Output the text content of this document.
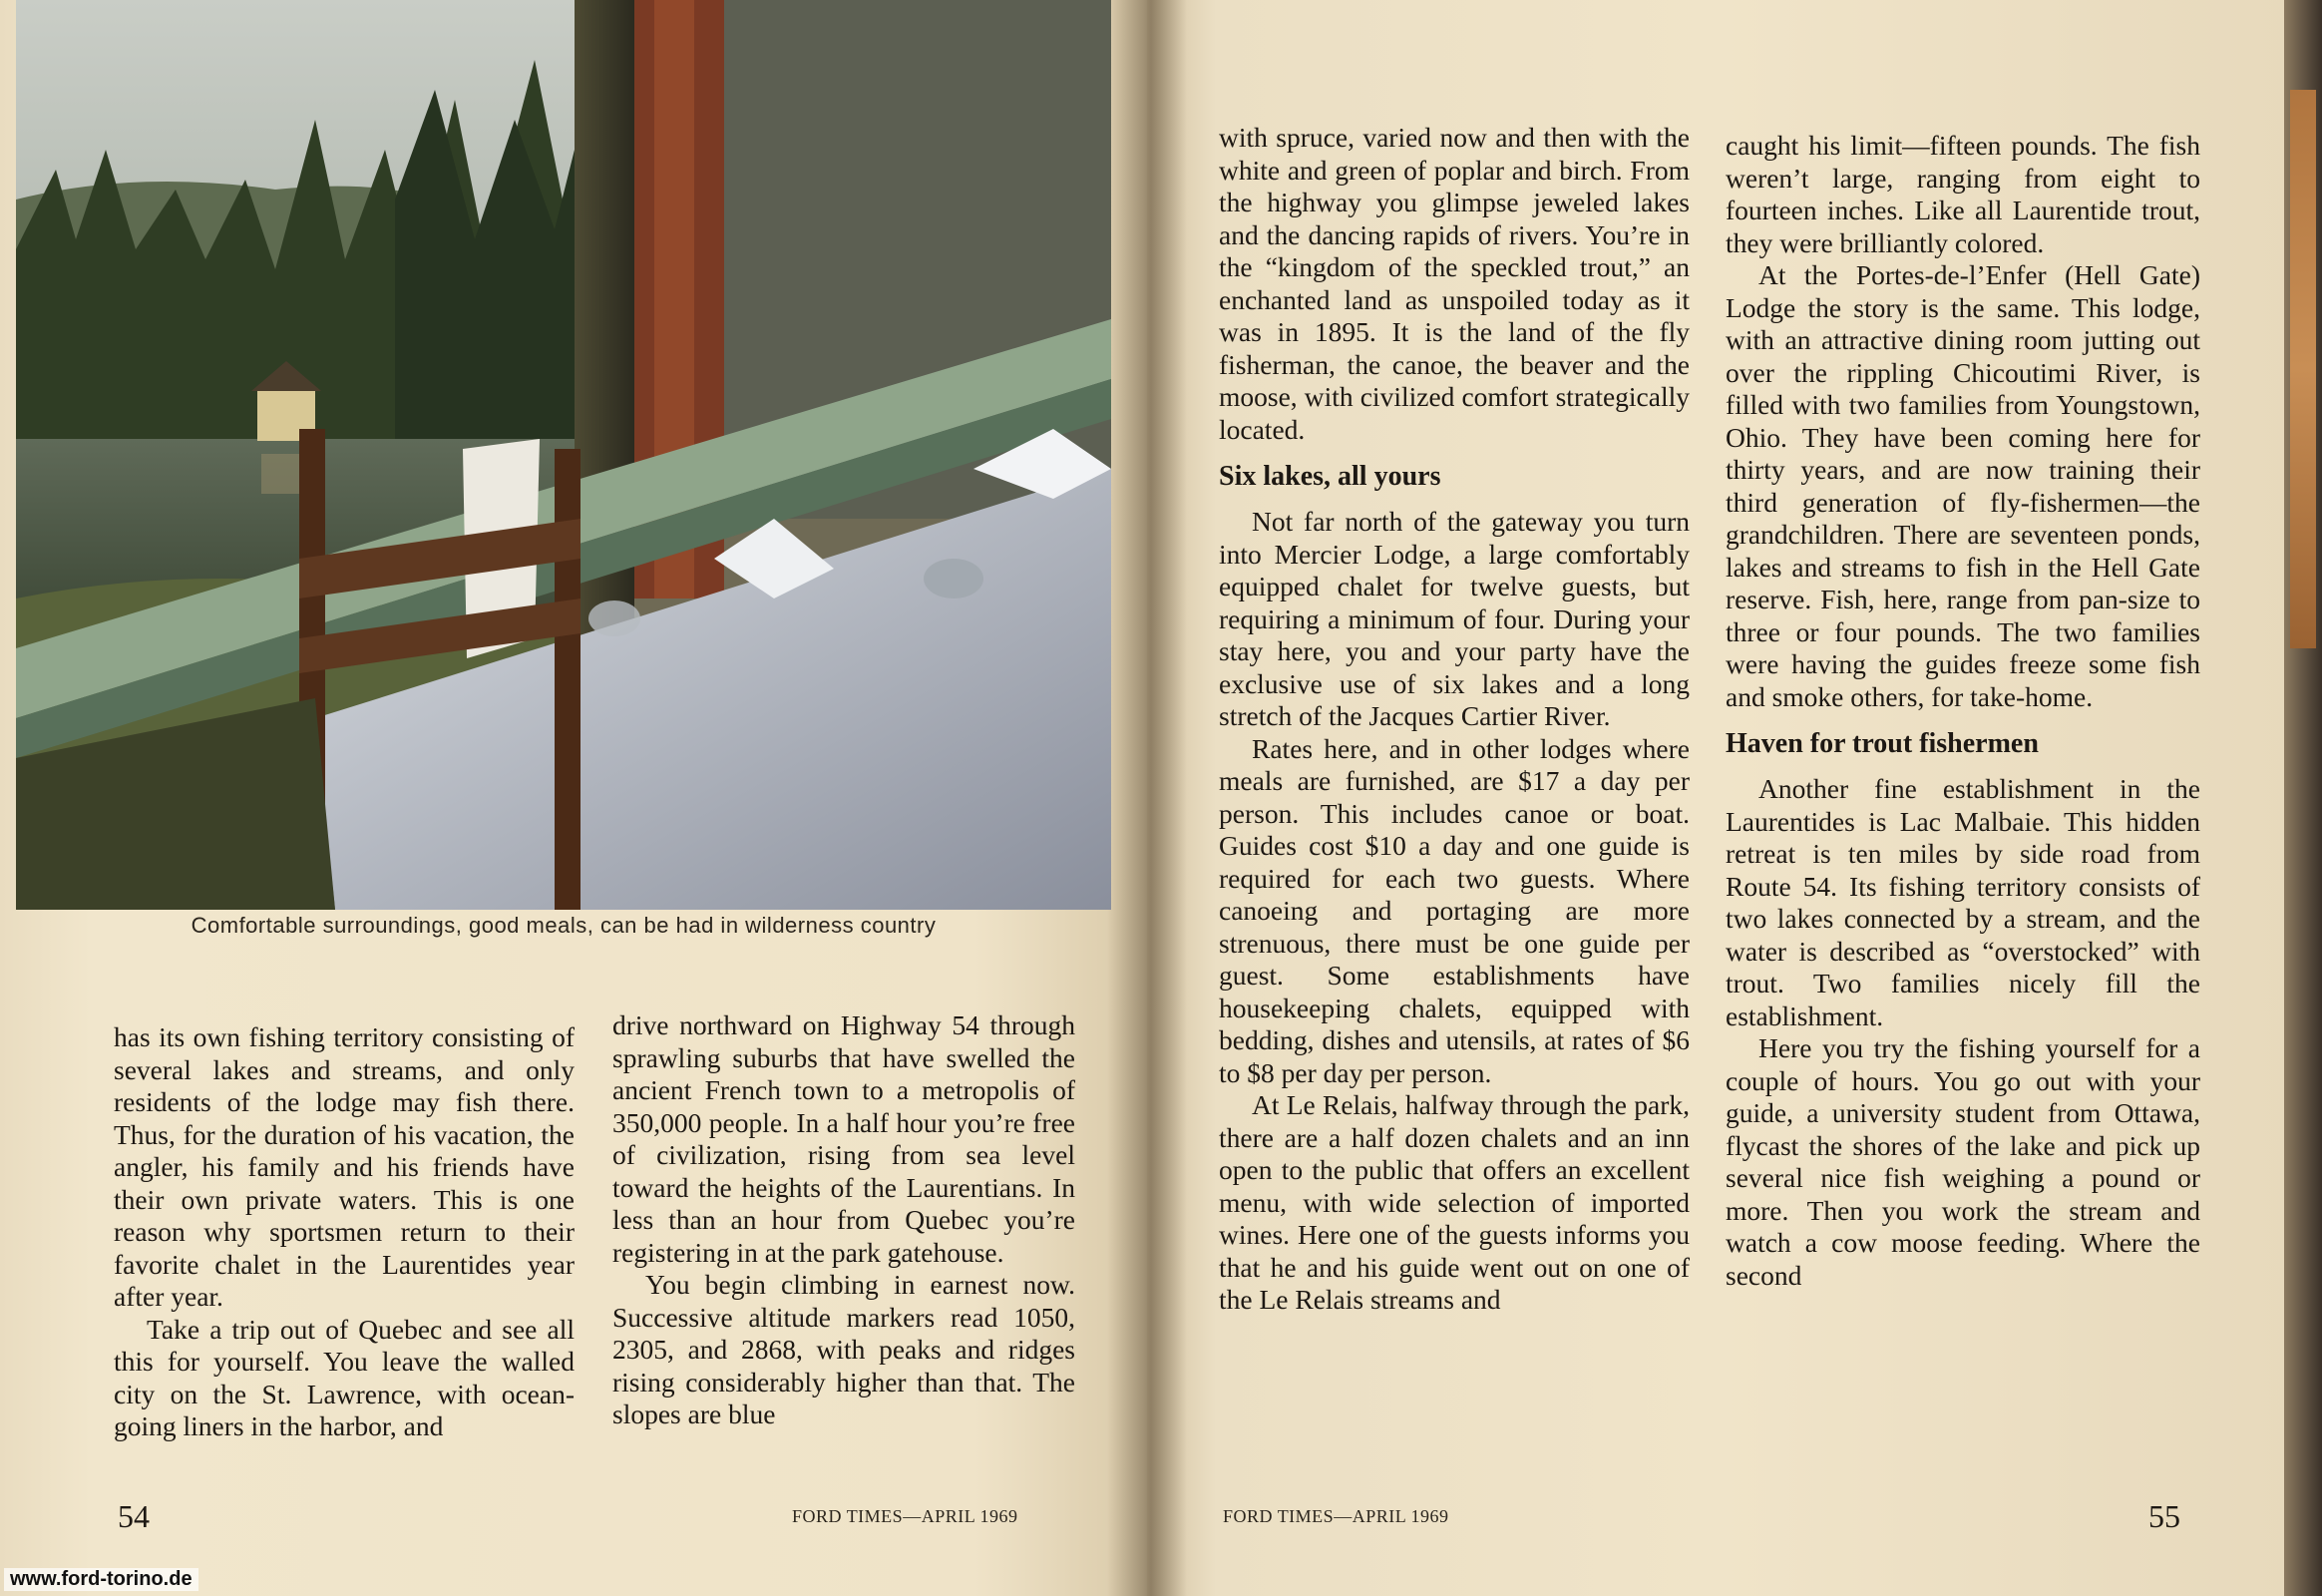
Comfortable surroundings, good meals, can be had in wilderness country

has its own fishing territory consisting of several lakes and streams, and only residents of the lodge may fish there. Thus, for the duration of his vacation, the angler, his family and his friends have their own private waters. This is one reason why sportsmen return to their favorite chalet in the Laurentides year after year.

Take a trip out of Quebec and see all this for yourself. You leave the walled city on the St. Lawrence, with ocean-going liners in the harbor, and

drive northward on Highway 54 through sprawling suburbs that have swelled the ancient French town to a metropolis of 350,000 people. In a half hour you’re free of civilization, rising from sea level toward the heights of the Laurentians. In less than an hour from Quebec you’re registering in at the park gatehouse.

You begin climbing in earnest now. Successive altitude markers read 1050, 2305, and 2868, with peaks and ridges rising considerably higher than that. The slopes are blue

54	FORD TIMES—APRIL 1969

with spruce, varied now and then with the white and green of poplar and birch. From the highway you glimpse jeweled lakes and the dancing rapids of rivers. You’re in the “kingdom of the speckled trout,” an enchanted land as unspoiled today as it was in 1895. It is the land of the fly fisherman, the canoe, the beaver and the moose, with civilized comfort strategically located.

Six lakes, all yours

Not far north of the gateway you turn into Mercier Lodge, a large comfortably equipped chalet for twelve guests, but requiring a minimum of four. During your stay here, you and your party have the exclusive use of six lakes and a long stretch of the Jacques Cartier River.

Rates here, and in other lodges where meals are furnished, are $17 a day per person. This includes canoe or boat. Guides cost $10 a day and one guide is required for each two guests. Where canoeing and portaging are more strenuous, there must be one guide per guest. Some establishments have housekeeping chalets, equipped with bedding, dishes and utensils, at rates of $6 to $8 per day per person.

At Le Relais, halfway through the park, there are a half dozen chalets and an inn open to the public that offers an excellent menu, with wide selection of imported wines. Here one of the guests informs you that he and his guide went out on one of the Le Relais streams and

caught his limit—fifteen pounds. The fish weren’t large, ranging from eight to fourteen inches. Like all Laurentide trout, they were brilliantly colored.

At the Portes-de-l’Enfer (Hell Gate) Lodge the story is the same. This lodge, with an attractive dining room jutting out over the rippling Chicoutimi River, is filled with two families from Youngstown, Ohio. They have been coming here for thirty years, and are now training their third generation of fly-fishermen—the grandchildren. There are seventeen ponds, lakes and streams to fish in the Hell Gate reserve. Fish, here, range from pan-size to three or four pounds. The two families were having the guides freeze some fish and smoke others, for take-home.

Haven for trout fishermen

Another fine establishment in the Laurentides is Lac Malbaie. This hidden retreat is ten miles by side road from Route 54. Its fishing territory consists of two lakes connected by a stream, and the water is described as “overstocked” with trout. Two families nicely fill the establishment.

Here you try the fishing yourself for a couple of hours. You go out with your guide, a university student from Ottawa, flycast the shores of the lake and pick up several nice fish weighing a pound or more. Then you work the stream and watch a cow moose feeding. Where the second

FORD TIMES—APRIL 1969	55
www.ford-torino.de
